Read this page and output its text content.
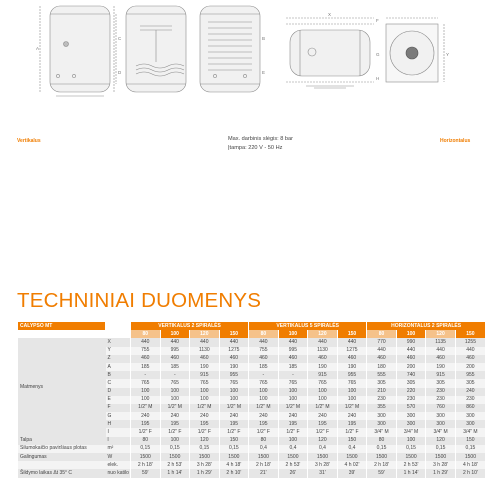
A
C
D
B
E
X
F
G
H
Y
Vertikalus	Max. darbinis slėgis: 8 bar
Įtampa: 220 V - 50 Hz
Horizontalus
TECHNINIAI DUOMENYS
CALYPSO MT		VERTIKALUS 2 SPIRALĖS				VERTIKALUS 5 SPIRALĖS				HORIZONTALUS 2 SPIRALĖS			
		80	100	120	150	80	100	120	150	80	100	120	150
Matmenys	X	440	440	440	440	440	440	440	440	770	990	1135	1255
	Y	755	995	1130	1275	755	995	1130	1275	440	440	440	440
	Z	460	460	460	460	460	460	460	460	460	460	460	460
	A	185	185	190	190	185	185	190	190	180	200	190	200
	B	-	-	915	955	-	-	915	955	555	740	915	955
	C	765	765	765	765	765	765	765	765	305	305	305	305
	D	100	100	100	100	100	100	100	100	210	220	230	240
	E	100	100	100	100	100	100	100	100	230	230	230	230
	F	1/2" M	1/2" M	1/2" M	1/2" M	1/2" M	1/2" M	1/2" M	1/2" M	355	570	760	860
	G	240	240	240	240	240	240	240	240	300	300	300	300
	H	195	195	195	195	195	195	195	195	300	300	300	300
	I	1/2" F	1/2" F	1/2" F	1/2" F	1/2" F	1/2" F	1/2" F	1/2" F	3/4" M	3/4" M	3/4" M	3/4" M
Talpa	l	80	100	120	150	80	100	120	150	80	100	120	150
Šilumokaičio paviršiaus plotas	m²	0,15	0,15	0,15	0,15	0,4	0,4	0,4	0,4	0,15	0,15	0,15	0,15
Galingumas	W	1500	1500	1500	1500	1500	1500	1500	1500	1500	1500	1500	1500
	elek.	2 h 18'	2 h 53'	3 h 28'	4 h 18'	2 h 18'	2 h 53'	3 h 28'	4 h 02'	2 h 18'	2 h 53'	3 h 28'	4 h 18'
Šildymo laikas Δt 35° C	nuo katilo	59'	1 h 14'	1 h 29'	2 h 10'	21'	26'	31'	39'	59'	1 h 14'	1 h 29'	2 h 10'
